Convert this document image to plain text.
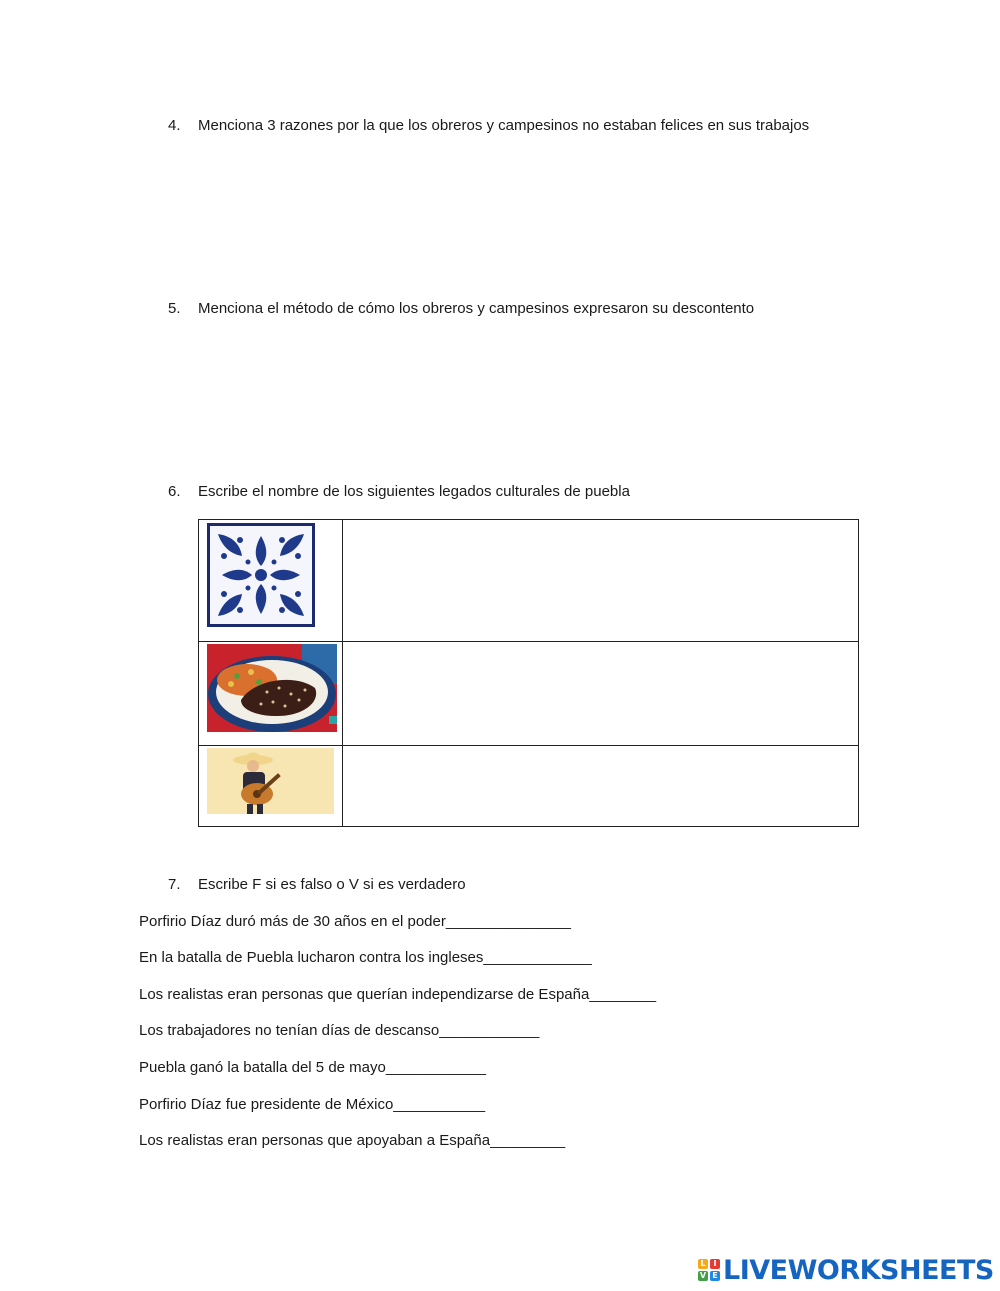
4. Menciona 3 razones por la que los obreros y campesinos no estaban felices en sus trabajos
5. Menciona el método de cómo los obreros y campesinos expresaron su descontento
6. Escribe el nombre de los siguientes legados culturales de puebla

7. Escribe F si es falso o V si es verdadero
Porfirio Díaz duró más de 30 años en el poder_______________
En la batalla de Puebla lucharon contra los ingleses_____________
Los realistas eran personas que querían independizarse de España________
Los trabajadores no tenían días de descanso____________
Puebla ganó la batalla del 5 de mayo____________
Porfirio Díaz fue presidente de México___________
Los realistas eran personas que apoyaban a España_________
L I
V E LIVEWORKSHEETS
